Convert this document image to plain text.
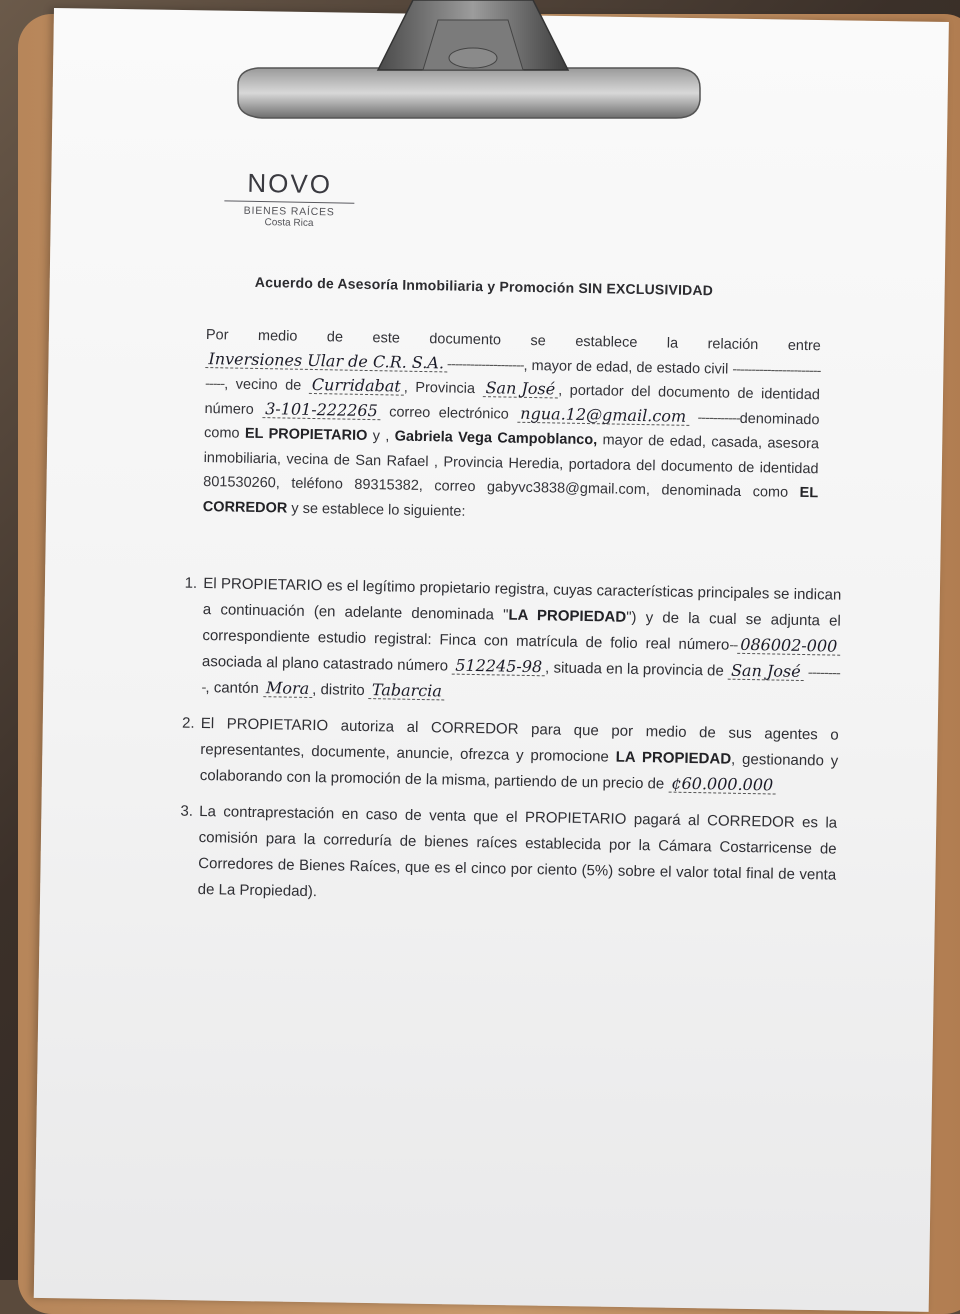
NOVO
BIENES RAÍCES
Costa Rica
Acuerdo de Asesoría Inmobiliaria y Promoción SIN EXCLUSIVIDAD
Por medio de este documento se establece la relación entre Inversiones Ular de C.R. S.A. --------------------, mayor de edad, de estado civil ----------------------------, vecino de Curridabat , Provincia San José , portador del documento de identidad número 3-101-222265 correo electrónico ngua.12@gmail.com -----------denominado como EL PROPIETARIO y , Gabriela Vega Campoblanco, mayor de edad, casada, asesora inmobiliaria, vecina de San Rafael , Provincia Heredia, portadora del documento de identidad 801530260, teléfono 89315382, correo gabyvc3838@gmail.com, denominada como EL CORREDOR y se establece lo siguiente:
1. El PROPIETARIO es el legítimo propietario registra, cuyas características principales se indican a continuación (en adelante denominada "LA PROPIEDAD") y de la cual se adjunta el correspondiente estudio registral: Finca con matrícula de folio real número-- 086002-000 asociada al plano catastrado número 512245-98 , situada en la provincia de San José ---------, cantón Mora , distrito Tabarcia
2. El PROPIETARIO autoriza al CORREDOR para que por medio de sus agentes o representantes, documente, anuncie, ofrezca y promocione LA PROPIEDAD, gestionando y colaborando con la promoción de la misma, partiendo de un precio de ¢60.000.000
3. La contraprestación en caso de venta que el PROPIETARIO pagará al CORREDOR es la comisión para la correduría de bienes raíces establecida por la Cámara Costarricense de Corredores de Bienes Raíces, que es el cinco por ciento (5%) sobre el valor total final de venta de La Propiedad).
